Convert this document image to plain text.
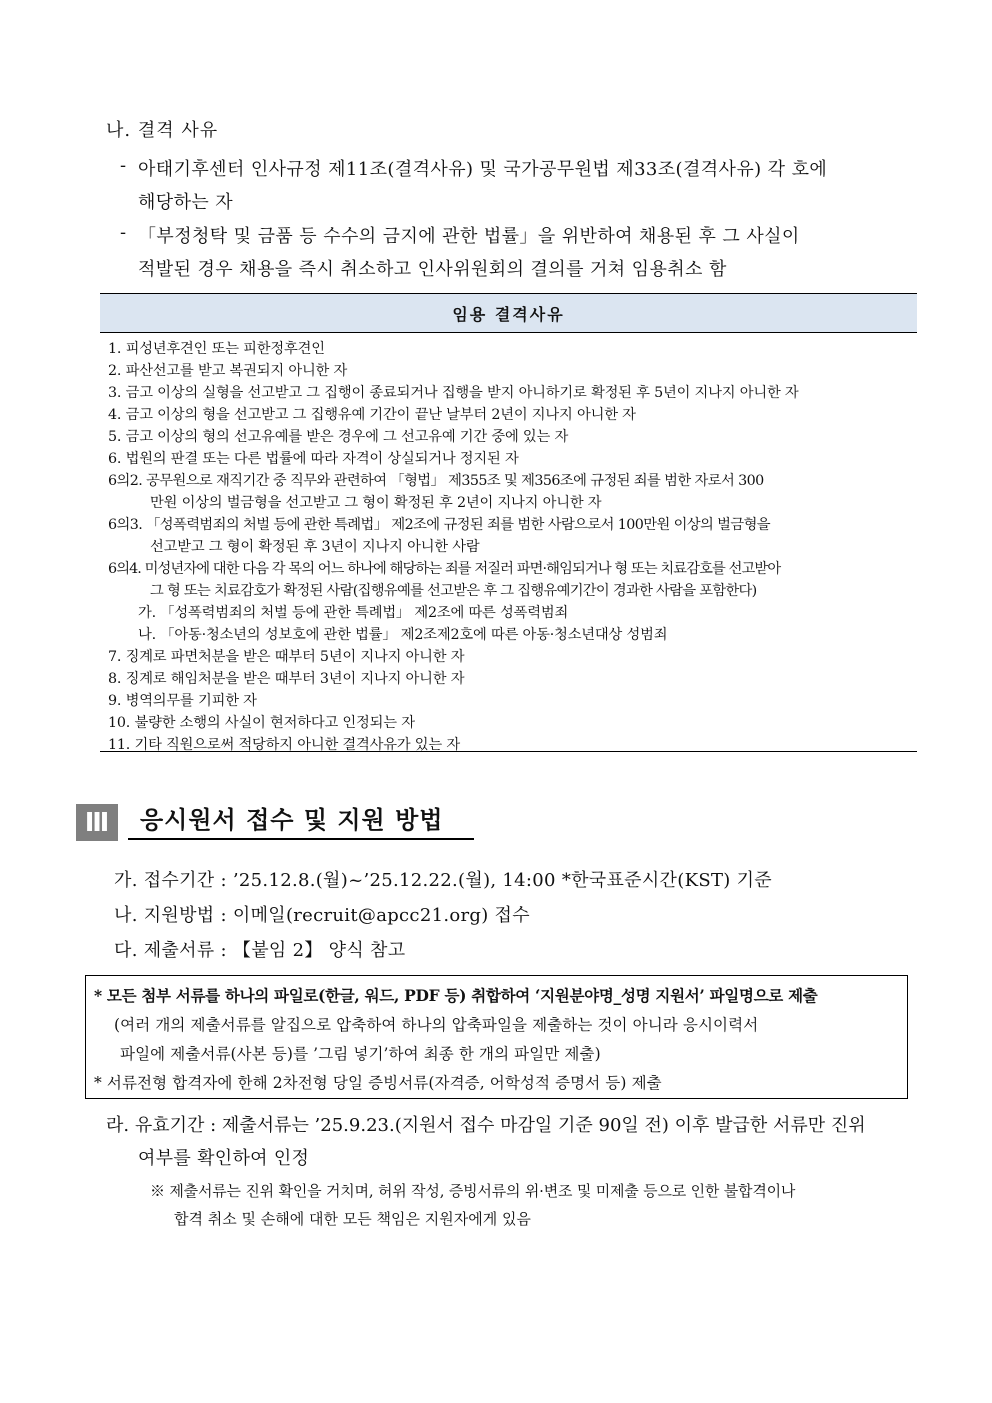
나. 결격 사유
- 아태기후센터 인사규정 제11조(결격사유) 및 국가공무원법 제33조(결격사유) 각 호에
해당하는 자
- 「부정청탁 및 금품 등 수수의 금지에 관한 법률」을 위반하여 채용된 후 그 사실이
적발된 경우 채용을 즉시 취소하고 인사위원회의 결의를 거쳐 임용취소 함
임용 결격사유
1. 피성년후견인 또는 피한정후견인
2. 파산선고를 받고 복권되지 아니한 자
3. 금고 이상의 실형을 선고받고 그 집행이 종료되거나 집행을 받지 아니하기로 확정된 후 5년이 지나지 아니한 자
4. 금고 이상의 형을 선고받고 그 집행유예 기간이 끝난 날부터 2년이 지나지 아니한 자
5. 금고 이상의 형의 선고유예를 받은 경우에 그 선고유예 기간 중에 있는 자
6. 법원의 판결 또는 다른 법률에 따라 자격이 상실되거나 정지된 자
6의2. 공무원으로 재직기간 중 직무와 관련하여 「형법」 제355조 및 제356조에 규정된 죄를 범한 자로서 300
만원 이상의 벌금형을 선고받고 그 형이 확정된 후 2년이 지나지 아니한 자
6의3. 「성폭력범죄의 처벌 등에 관한 특례법」 제2조에 규정된 죄를 범한 사람으로서 100만원 이상의 벌금형을
선고받고 그 형이 확정된 후 3년이 지나지 아니한 사람
6의4. 미성년자에 대한 다음 각 목의 어느 하나에 해당하는 죄를 저질러 파면·해임되거나 형 또는 치료감호를 선고받아
그 형 또는 치료감호가 확정된 사람(집행유예를 선고받은 후 그 집행유예기간이 경과한 사람을 포함한다)
가. 「성폭력범죄의 처벌 등에 관한 특례법」 제2조에 따른 성폭력범죄
나. 「아동·청소년의 성보호에 관한 법률」 제2조제2호에 따른 아동·청소년대상 성범죄
7. 징계로 파면처분을 받은 때부터 5년이 지나지 아니한 자
8. 징계로 해임처분을 받은 때부터 3년이 지나지 아니한 자
9. 병역의무를 기피한 자
10. 불량한 소행의 사실이 현저하다고 인정되는 자
11. 기타 직원으로써 적당하지 아니한 결격사유가 있는 자
Ⅲ	응시원서 접수 및 지원 방법
가. 접수기간 : ’25.12.8.(월)~’25.12.22.(월), 14:00 *한국표준시간(KST) 기준
나. 지원방법 : 이메일(recruit@apcc21.org) 접수
다. 제출서류 : 【붙임 2】 양식 참고
* 모든 첨부 서류를 하나의 파일로(한글, 워드, PDF 등) 취합하여 ‘지원분야명_성명 지원서’ 파일명으로 제출
(여러 개의 제출서류를 알집으로 압축하여 하나의 압축파일을 제출하는 것이 아니라 응시이력서
파일에 제출서류(사본 등)를 ’그림 넣기’하여 최종 한 개의 파일만 제출)
* 서류전형 합격자에 한해 2차전형 당일 증빙서류(자격증, 어학성적 증명서 등) 제출
라. 유효기간 : 제출서류는 ’25.9.23.(지원서 접수 마감일 기준 90일 전) 이후 발급한 서류만 진위
여부를 확인하여 인정
※ 제출서류는 진위 확인을 거치며, 허위 작성, 증빙서류의 위·변조 및 미제출 등으로 인한 불합격이나
합격 취소 및 손해에 대한 모든 책임은 지원자에게 있음
